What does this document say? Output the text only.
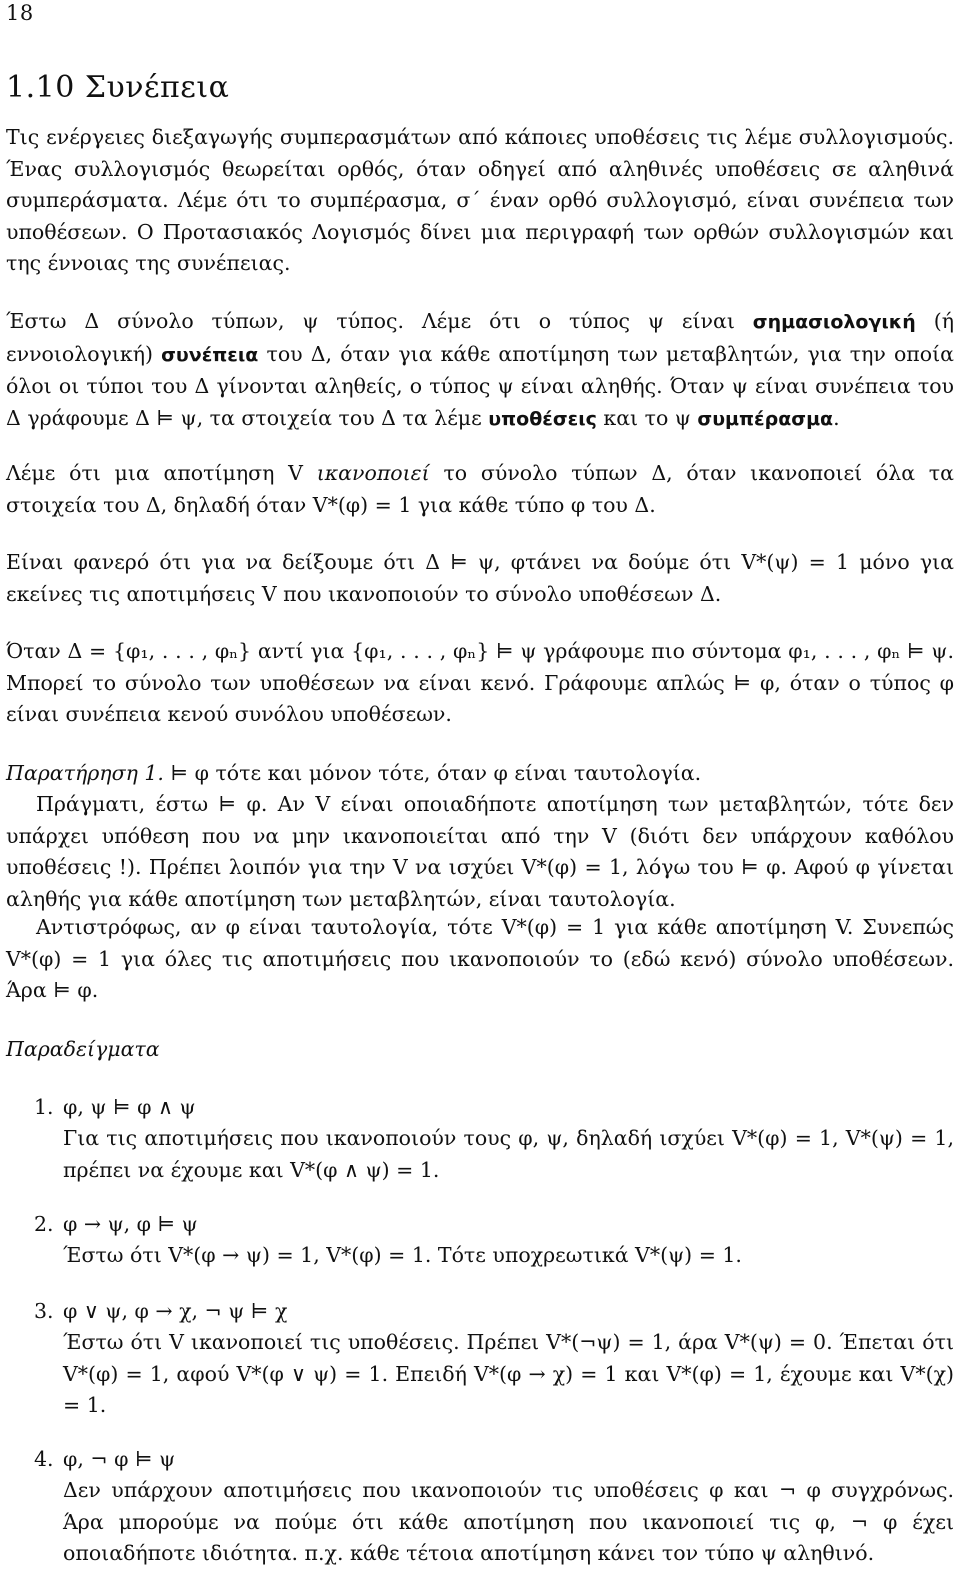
18
1.10 Συνέπεια

Τις ενέργειες διεξαγωγής συμπερασμάτων από κάποιες υποθέσεις τις λέμε συλλογισμούς. Ένας συλλογισμός θεωρείται ορθός, όταν οδηγεί από αληθινές υποθέσεις σε αληθινά συμπεράσματα. Λέμε ότι το συμπέρασμα, σ΄ έναν ορθό συλλογισμό, είναι συνέπεια των υποθέσεων. Ο Προτασιακός Λογισμός δίνει μια περιγραφή των ορθών συλλογισμών και της έννοιας της συνέπειας.

Έστω Δ σύνολο τύπων, ψ τύπος. Λέμε ότι ο τύπος ψ είναι σημασιολογική (ή εννοιολογική) συνέπεια του Δ, όταν για κάθε αποτίμηση των μεταβλητών, για την οποία όλοι οι τύποι του Δ γίνονται αληθείς, ο τύπος ψ είναι αληθής. Όταν ψ είναι συνέπεια του Δ γράφουμε Δ ⊨ ψ, τα στοιχεία του Δ τα λέμε υποθέσεις και το ψ συμπέρασμα.

Λέμε ότι μια αποτίμηση V ικανοποιεί το σύνολο τύπων Δ, όταν ικανοποιεί όλα τα στοιχεία του Δ, δηλαδή όταν V*(φ) = 1 για κάθε τύπο φ του Δ.

Είναι φανερό ότι για να δείξουμε ότι Δ ⊨ ψ, φτάνει να δούμε ότι V*(ψ) = 1 μόνο για εκείνες τις αποτιμήσεις V που ικανοποιούν το σύνολο υποθέσεων Δ.

Όταν Δ = {φ₁, . . . , φₙ} αντί για {φ₁, . . . , φₙ} ⊨ ψ γράφουμε πιο σύντομα φ₁, . . . , φₙ ⊨ ψ. Μπορεί το σύνολο των υποθέσεων να είναι κενό. Γράφουμε απλώς ⊨ φ, όταν ο τύπος φ είναι συνέπεια κενού συνόλου υποθέσεων.

Παρατήρηση 1. ⊨ φ τότε και μόνον τότε, όταν φ είναι ταυτολογία.

Πράγματι, έστω ⊨ φ. Αν V είναι οποιαδήποτε αποτίμηση των μεταβλητών, τότε δεν υπάρχει υπόθεση που να μην ικανοποιείται από την V (διότι δεν υπάρχουν καθόλου υποθέσεις !). Πρέπει λοιπόν για την V να ισχύει V*(φ) = 1, λόγω του ⊨ φ. Αφού φ γίνεται αληθής για κάθε αποτίμηση των μεταβλητών, είναι ταυτολογία.

Αντιστρόφως, αν φ είναι ταυτολογία, τότε V*(φ) = 1 για κάθε αποτίμηση V. Συνεπώς V*(φ) = 1 για όλες τις αποτιμήσεις που ικανοποιούν το (εδώ κενό) σύνολο υποθέσεων. Άρα ⊨ φ.

Παραδείγματα

1. φ, ψ ⊨ φ ∧ ψ

Για τις αποτιμήσεις που ικανοποιούν τους φ, ψ, δηλαδή ισχύει V*(φ) = 1, V*(ψ) = 1, πρέπει να έχουμε και V*(φ ∧ ψ) = 1.

2. φ → ψ, φ ⊨ ψ

Έστω ότι V*(φ → ψ) = 1, V*(φ) = 1. Τότε υποχρεωτικά V*(ψ) = 1.

3. φ ∨ ψ, φ → χ, ¬ ψ ⊨ χ

Έστω ότι V ικανοποιεί τις υποθέσεις. Πρέπει V*(¬ψ) = 1, άρα V*(ψ) = 0. Έπεται ότι V*(φ) = 1, αφού V*(φ ∨ ψ) = 1. Επειδή V*(φ → χ) = 1 και V*(φ) = 1, έχουμε και V*(χ) = 1.

4. φ, ¬ φ ⊨ ψ

Δεν υπάρχουν αποτιμήσεις που ικανοποιούν τις υποθέσεις φ και ¬ φ συγχρόνως. Άρα μπορούμε να πούμε ότι κάθε αποτίμηση που ικανοποιεί τις φ, ¬ φ έχει οποιαδήποτε ιδιότητα. π.χ. κάθε τέτοια αποτίμηση κάνει τον τύπο ψ αληθινό.
